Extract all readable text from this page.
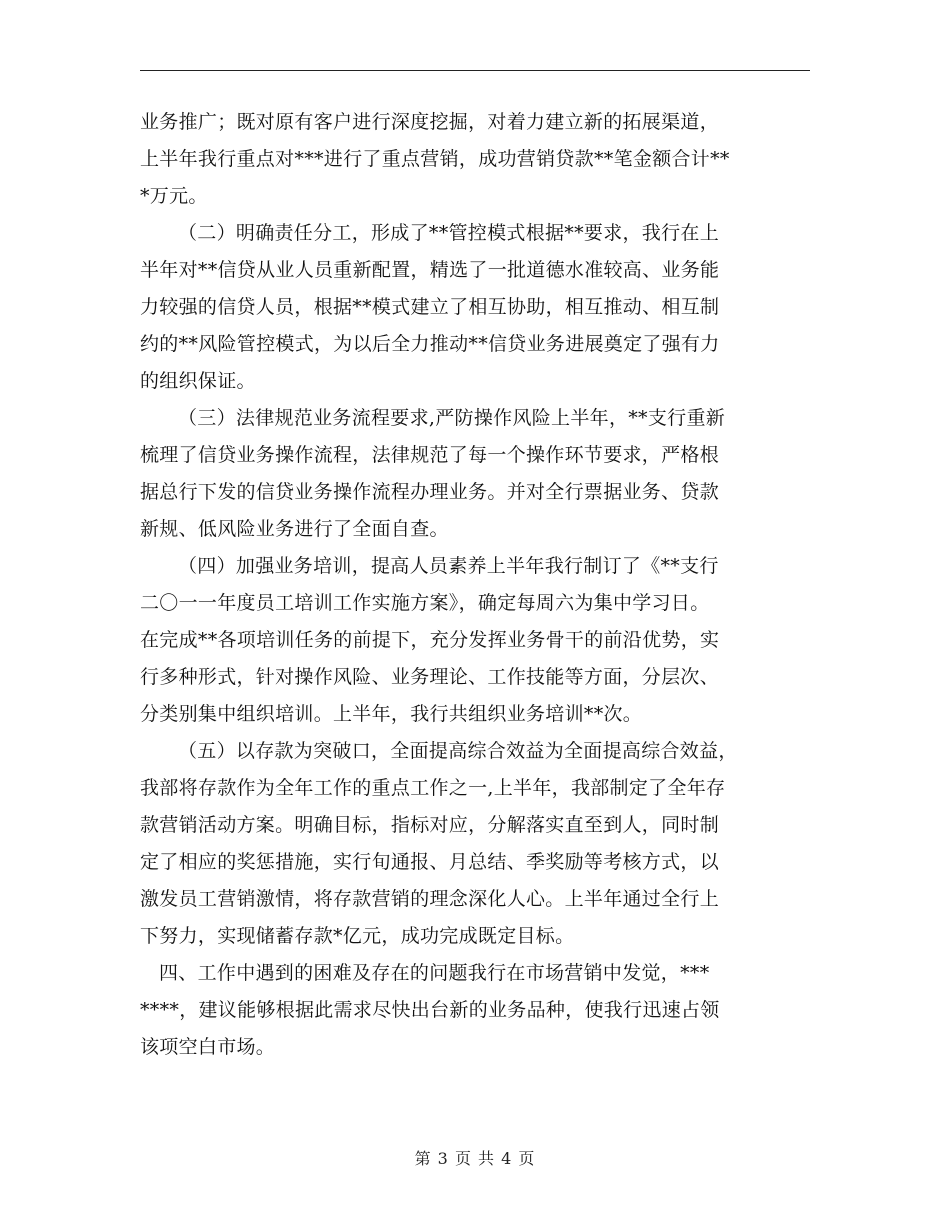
业务推广；既对原有客户进行深度挖掘，对着力建立新的拓展渠道，
上半年我行重点对***进行了重点营销，成功营销贷款**笔金额合计**
*万元。
（二）明确责任分工，形成了**管控模式根据**要求，我行在上
半年对**信贷从业人员重新配置，精选了一批道德水准较高、业务能
力较强的信贷人员，根据**模式建立了相互协助，相互推动、相互制
约的**风险管控模式，为以后全力推动**信贷业务进展奠定了强有力
的组织保证。
（三）法律规范业务流程要求,严防操作风险上半年，**支行重新
梳理了信贷业务操作流程，法律规范了每一个操作环节要求，严格根
据总行下发的信贷业务操作流程办理业务。并对全行票据业务、贷款
新规、低风险业务进行了全面自查。
（四）加强业务培训，提高人员素养上半年我行制订了《**支行
二〇一一年度员工培训工作实施方案》，确定每周六为集中学习日。
在完成**各项培训任务的前提下，充分发挥业务骨干的前沿优势，实
行多种形式，针对操作风险、业务理论、工作技能等方面，分层次、
分类别集中组织培训。上半年，我行共组织业务培训**次。
（五）以存款为突破口，全面提高综合效益为全面提高综合效益，
我部将存款作为全年工作的重点工作之一,上半年，我部制定了全年存
款营销活动方案。明确目标，指标对应，分解落实直至到人，同时制
定了相应的奖惩措施，实行旬通报、月总结、季奖励等考核方式，以
激发员工营销激情，将存款营销的理念深化人心。上半年通过全行上
下努力，实现储蓄存款*亿元，成功完成既定目标。
四、工作中遇到的困难及存在的问题我行在市场营销中发觉，***
****，建议能够根据此需求尽快出台新的业务品种，使我行迅速占领
该项空白市场。
第 3 页 共 4 页
